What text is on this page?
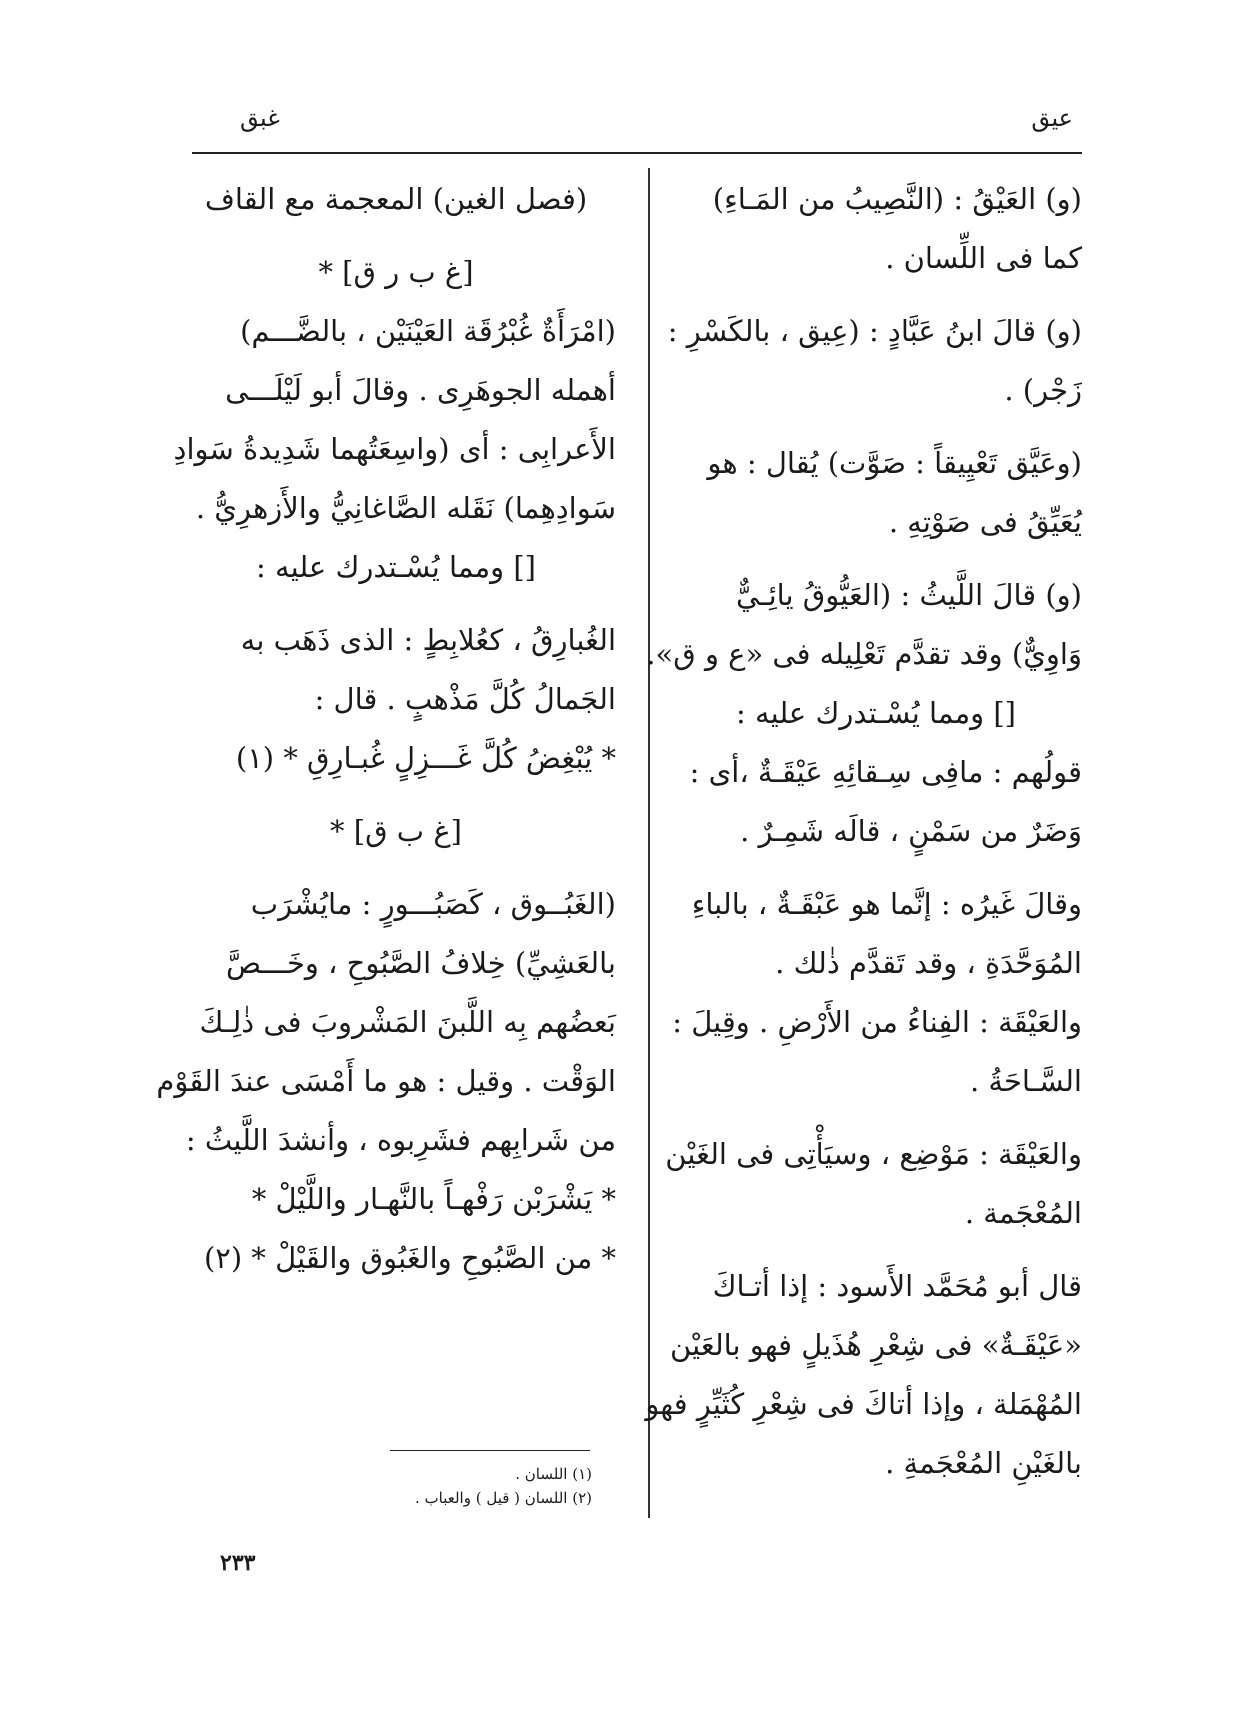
عيق
غبق

(و) العَيْقُ : (النَّصِيبُ من المَـاءِ)

كما فى اللِّسان .

(و) قالَ ابنُ عَبَّادٍ : (عِيق ، بالكَسْرِ :

زَجْر) .

(وعَيَّق تَعْيِيقاً : صَوَّت) يُقال : هو

يُعَيِّقُ فى صَوْتِهِ .

(و) قالَ اللَّيثُ : (العَيُّوقُ يائِـيٌّ

وَاوِيٌّ) وقد تقدَّم تَعْلِيله فى «ع و ق».

[] ومما يُسْـتدرك عليه :

قولُهم : مافِى سِـقائِهِ عَيْقَـةٌ ،أى :

وَضَرٌ من سَمْنٍ ، قالَه شَمِـرٌ .

وقالَ غَيرُه : إنَّما هو عَبْقَـةٌ ، بالباءِ

المُوَحَّدَةِ ، وقد تَقدَّم ذٰلك .

والعَيْقَة : الفِناءُ من الأَرْضِ . وقِيلَ :

السَّـاحَةُ .

والعَيْقَة : مَوْضِع ، وسيَأْتِى فى الغَيْن

المُعْجَمة .

قال أبو مُحَمَّد الأَسود : إذا أتـاكَ

«عَيْقَـةٌ» فى شِعْرِ هُذَيلٍ فهو بالعَيْن

المُهْمَلة ، وإذا أتاكَ فى شِعْرِ كُثَيِّرٍ فهو

بالغَيْنِ المُعْجَمةِ .

(فصل الغين) المعجمة مع القاف

[غ ب ر ق] *

(امْرَأَةٌ غُبْرُقَة العَيْنَيْن ، بالضَّـــم)

أهمله الجوهَرِى . وقالَ أبو لَيْلَـــى

الأَعرابِى : أى (واسِعَتُهما شَدِيدةُ سَوادِ

سَوادِهِما) نَقَله الصَّاغانِيُّ والأَزهرِيُّ .

[] ومما يُسْـتدرك عليه :

الغُبارِقُ ، كعُلابِطٍ : الذى ذَهَب به

الجَمالُ كُلَّ مَذْهبٍ . قال :

* يُبْغِضُ كُلَّ غَـــزِلٍ غُبـارِقِ * (١)

[غ ب ق] *

(الغَبُــوق ، كَصَبُـــورٍ : مايُشْرَب

بالعَشِيِّ) خِلافُ الصَّبُوحِ ، وخَـــصَّ

بَعضُهم بِه اللَّبنَ المَشْروبَ فى ذٰلِـكَ

الوَقْت . وقيل : هو ما أَمْسَى عندَ القَوْم

من شَرابِهم فشَرِبوه ، وأنشدَ اللَّيثُ :

* يَشْرَبْن رَفْهـاً بالنَّهـار واللَّيْلْ *

* من الصَّبُوحِ والغَبُوق والقَيْلْ * (٢)

(١) اللسان .
(٢) اللسان ( قيل ) والعباب .
٢٣٣
